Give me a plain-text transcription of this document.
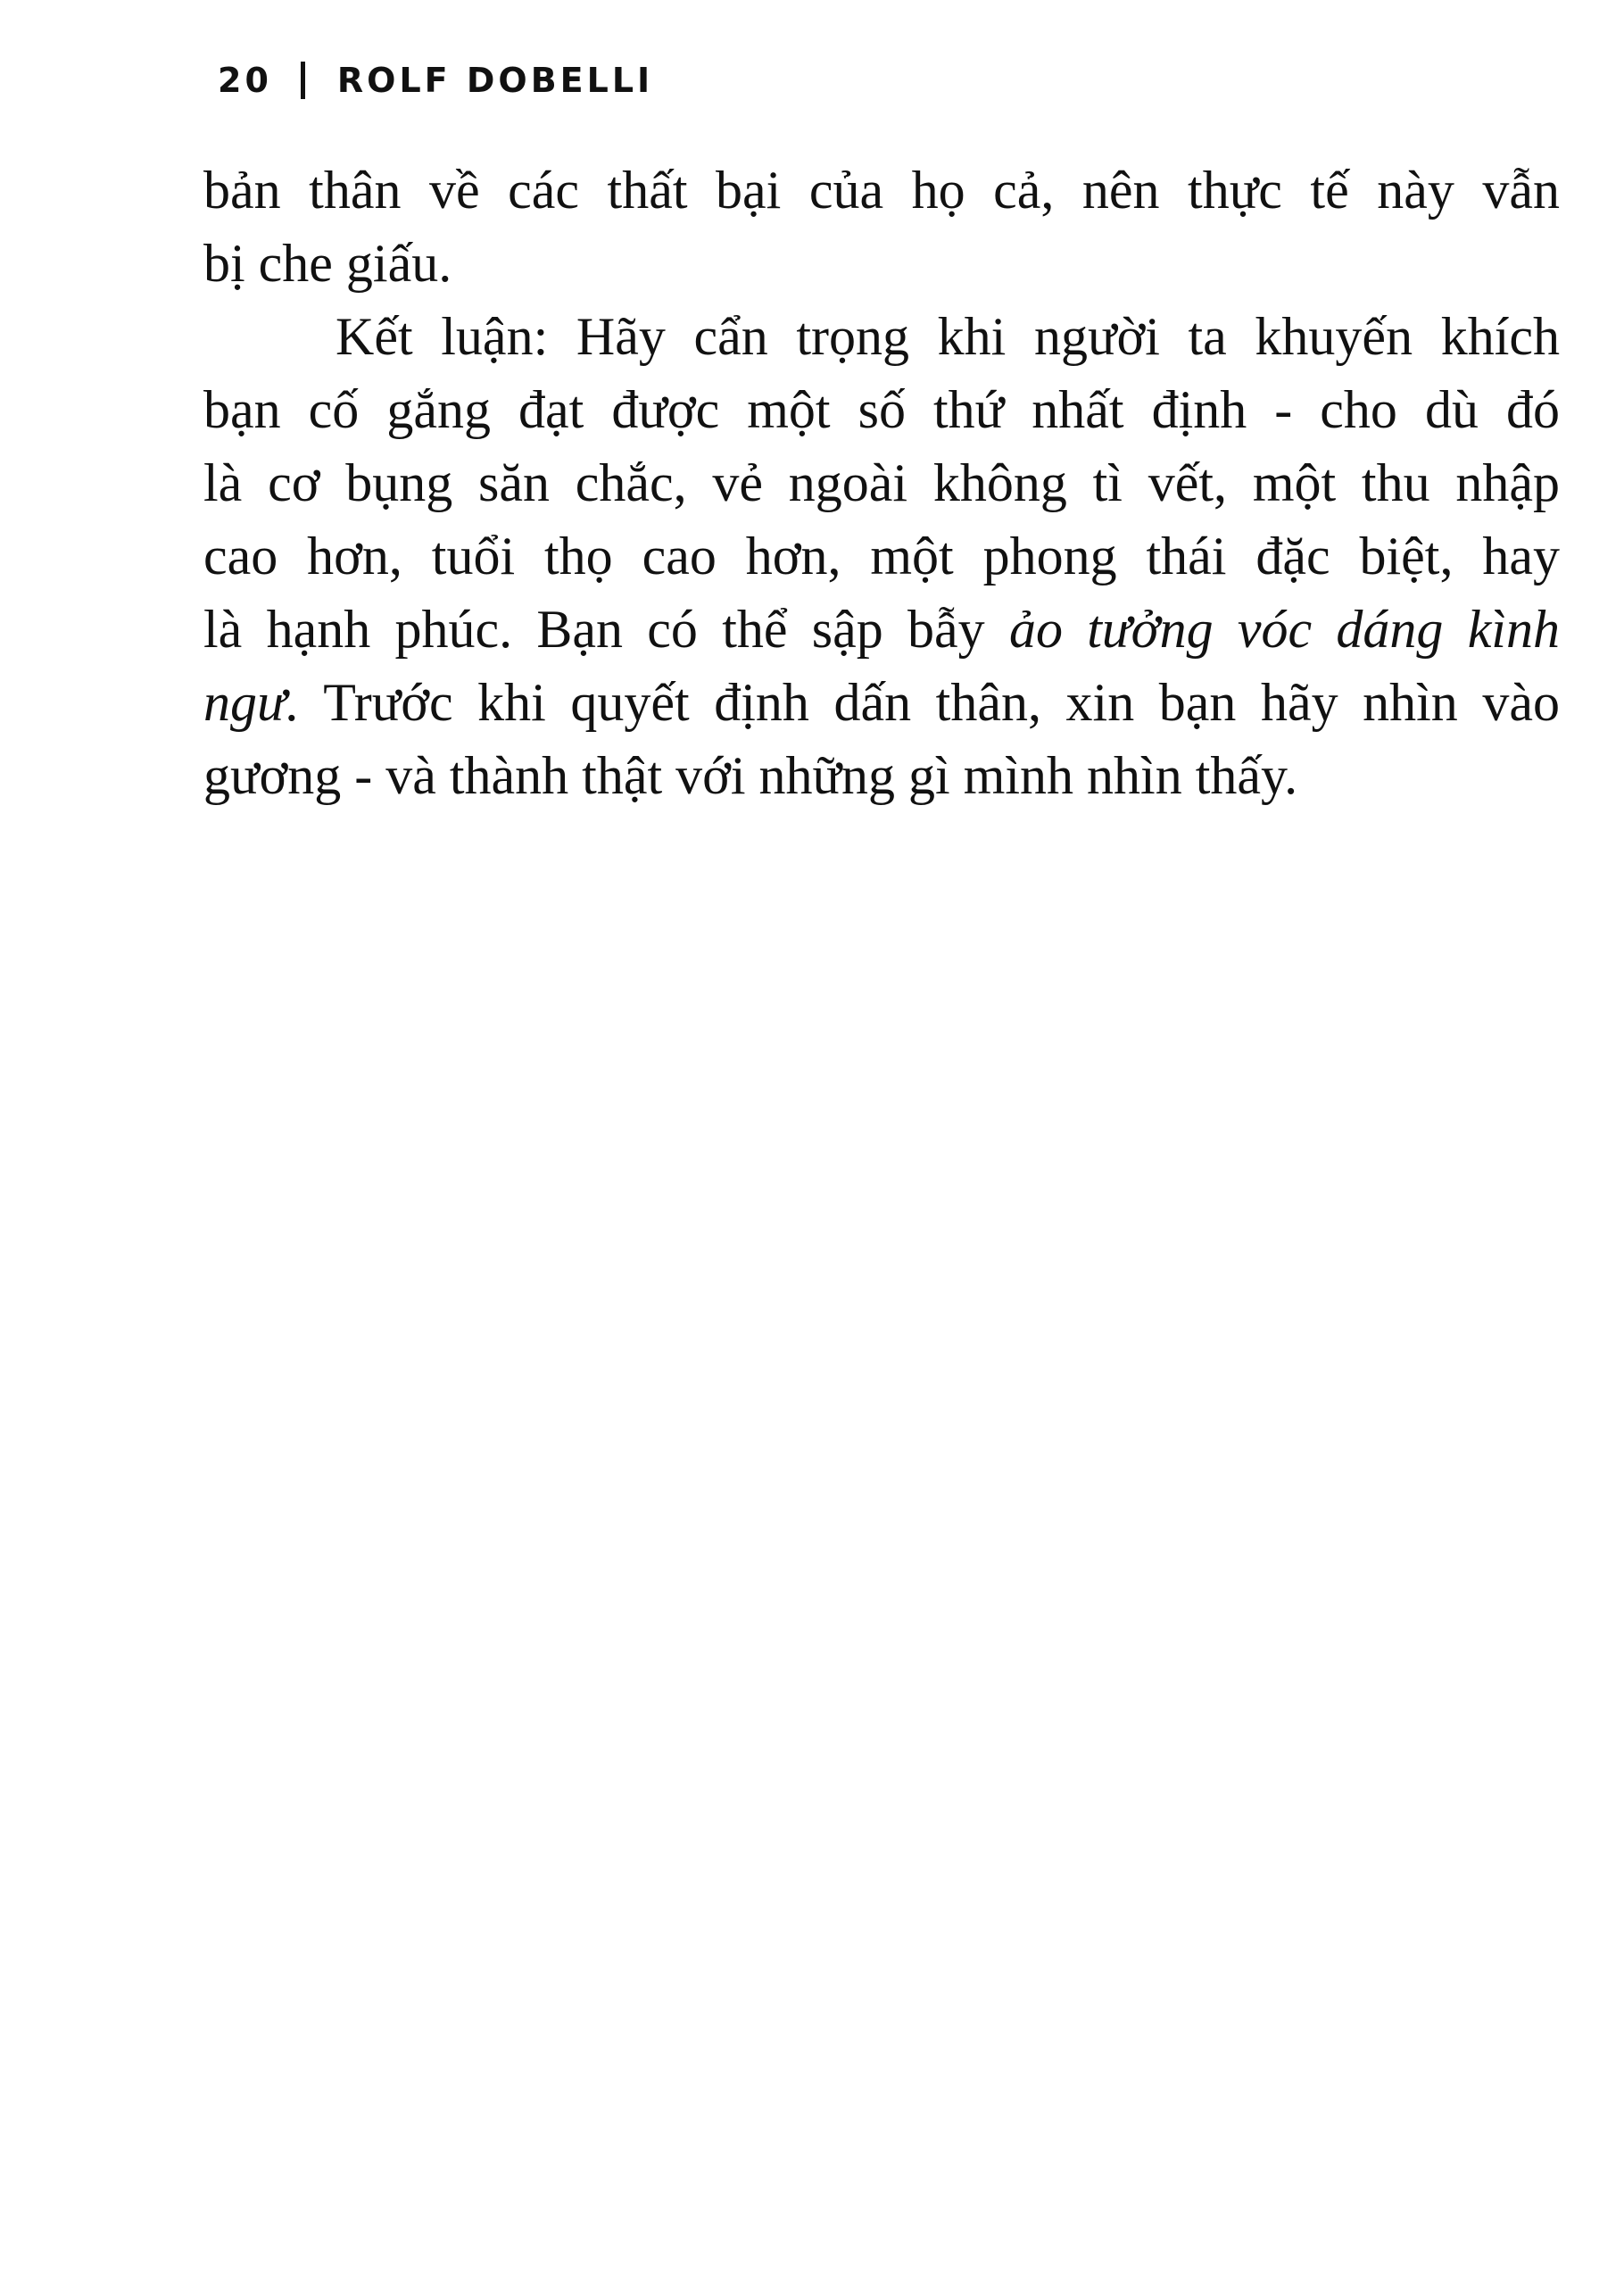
20 ROLF DOBELLI
bản thân về các thất bại của họ cả, nên thực tế này vẫn
bị che giấu.
Kết luận: Hãy cẩn trọng khi người ta khuyến khích
bạn cố gắng đạt được một số thứ nhất định - cho dù đó
là cơ bụng săn chắc, vẻ ngoài không tì vết, một thu nhập
cao hơn, tuổi thọ cao hơn, một phong thái đặc biệt, hay
là hạnh phúc. Bạn có thể sập bẫy ảo tưởng vóc dáng kình
ngư. Trước khi quyết định dấn thân, xin bạn hãy nhìn vào
gương - và thành thật với những gì mình nhìn thấy.
